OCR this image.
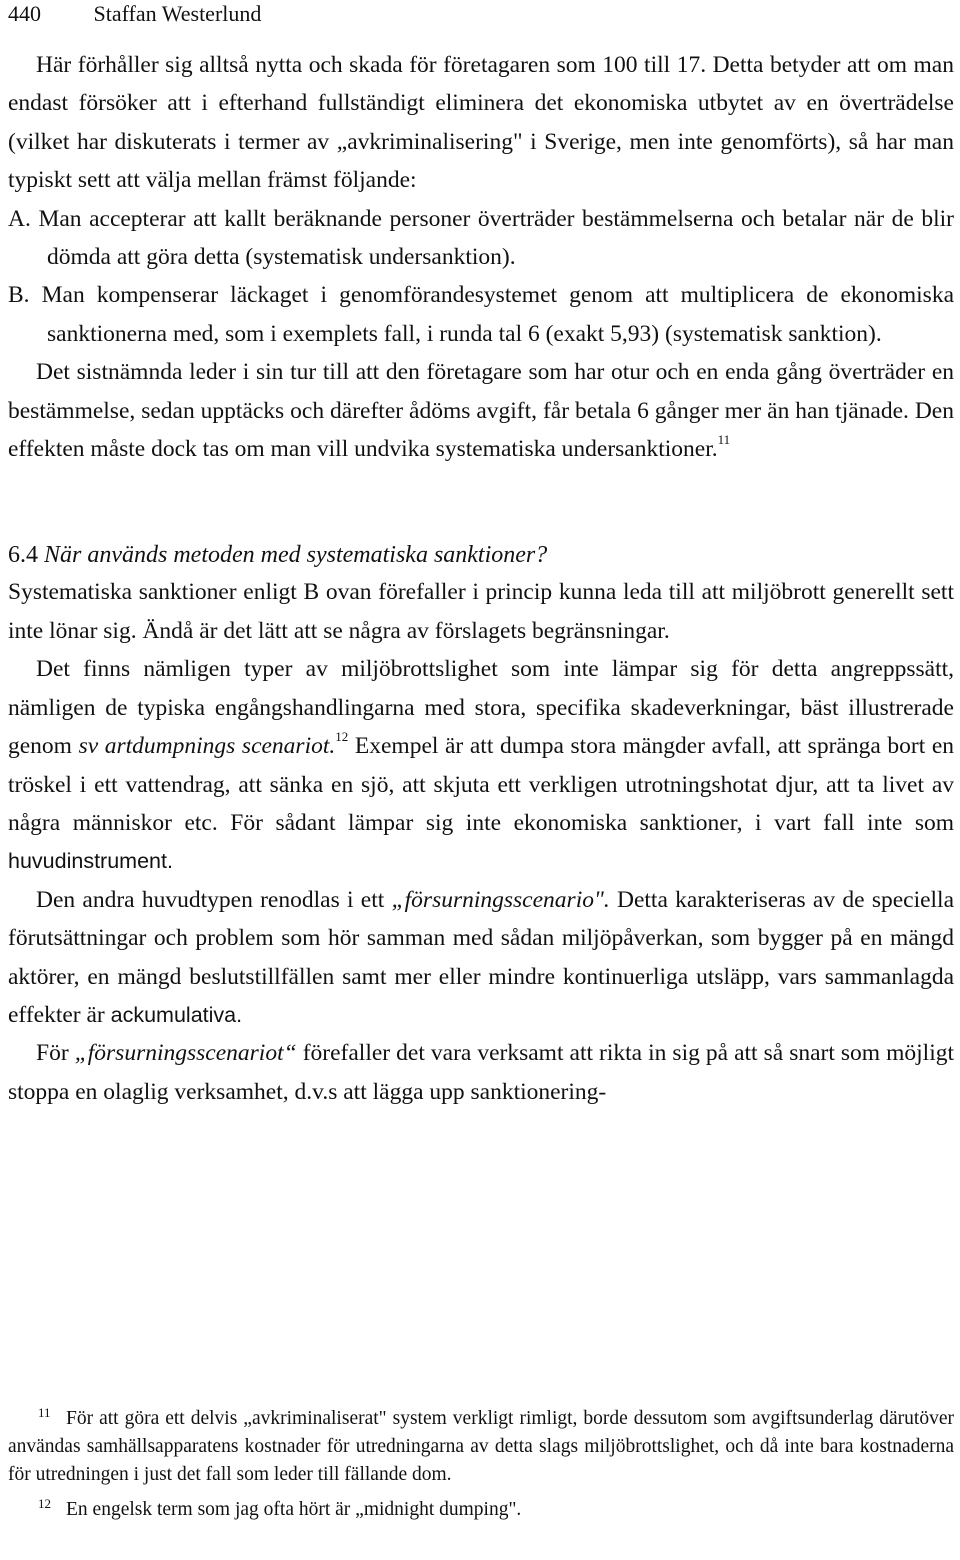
440 Staffan Westerlund

Här förhåller sig alltså nytta och skada för företagaren som 100 till 17. Detta betyder att om man endast försöker att i efterhand fullständigt eliminera det ekonomiska utbytet av en överträdelse (vilket har diskuterats i termer av „avkriminalisering" i Sverige, men inte genomförts), så har man typiskt sett att välja mellan främst följande:

A. Man accepterar att kallt beräknande personer överträder bestämmelserna och betalar när de blir dömda att göra detta (systematisk undersanktion).
B. Man kompenserar läckaget i genomförandesystemet genom att multiplicera de ekonomiska sanktionerna med, som i exemplets fall, i runda tal 6 (exakt 5,93) (systematisk sanktion).

Det sistnämnda leder i sin tur till att den företagare som har otur och en enda gång överträder en bestämmelse, sedan upptäcks och därefter ådöms avgift, får betala 6 gånger mer än han tjänade. Den effekten måste dock tas om man vill undvika systematiska undersanktioner.$^{11}$

6.4 När används metoden med systematiska sanktioner?

Systematiska sanktioner enligt B ovan förefaller i princip kunna leda till att miljöbrott generellt sett inte lönar sig. Ändå är det lätt att se några av förslagets begränsningar.

Det finns nämligen typer av miljöbrottslighet som inte lämpar sig för detta angreppssätt, nämligen de typiska engångshandlingarna med stora, specifika skadeverkningar, bäst illustrerade genom sv artdumpnings scenariot.$^{12}$ Exempel är att dumpa stora mängder avfall, att spränga bort en tröskel i ett vattendrag, att sänka en sjö, att skjuta ett verkligen utrotningshotat djur, att ta livet av några människor etc. För sådant lämpar sig inte ekonomiska sanktioner, i vart fall inte som huvudinstrument.

Den andra huvudtypen renodlas i ett „försurningsscenario". Detta karakteriseras av de speciella förutsättningar och problem som hör samman med sådan miljöpåverkan, som bygger på en mängd aktörer, en mängd beslutstillfällen samt mer eller mindre kontinuerliga utsläpp, vars sammanlagda effekter är ackumulativa.

För „försurningsscenariot“ förefaller det vara verksamt att rikta in sig på att så snart som möjligt stoppa en olaglig verksamhet, d.v.s att lägga upp sanktionering-

11 För att göra ett delvis „avkriminaliserat" system verkligt rimligt, borde dessutom som avgiftsunderlag därutöver användas samhällsapparatens kostnader för utredningarna av detta slags miljöbrottslighet, och då inte bara kostnaderna för utredningen i just det fall som leder till fällande dom.

12 En engelsk term som jag ofta hört är „midnight dumping".
